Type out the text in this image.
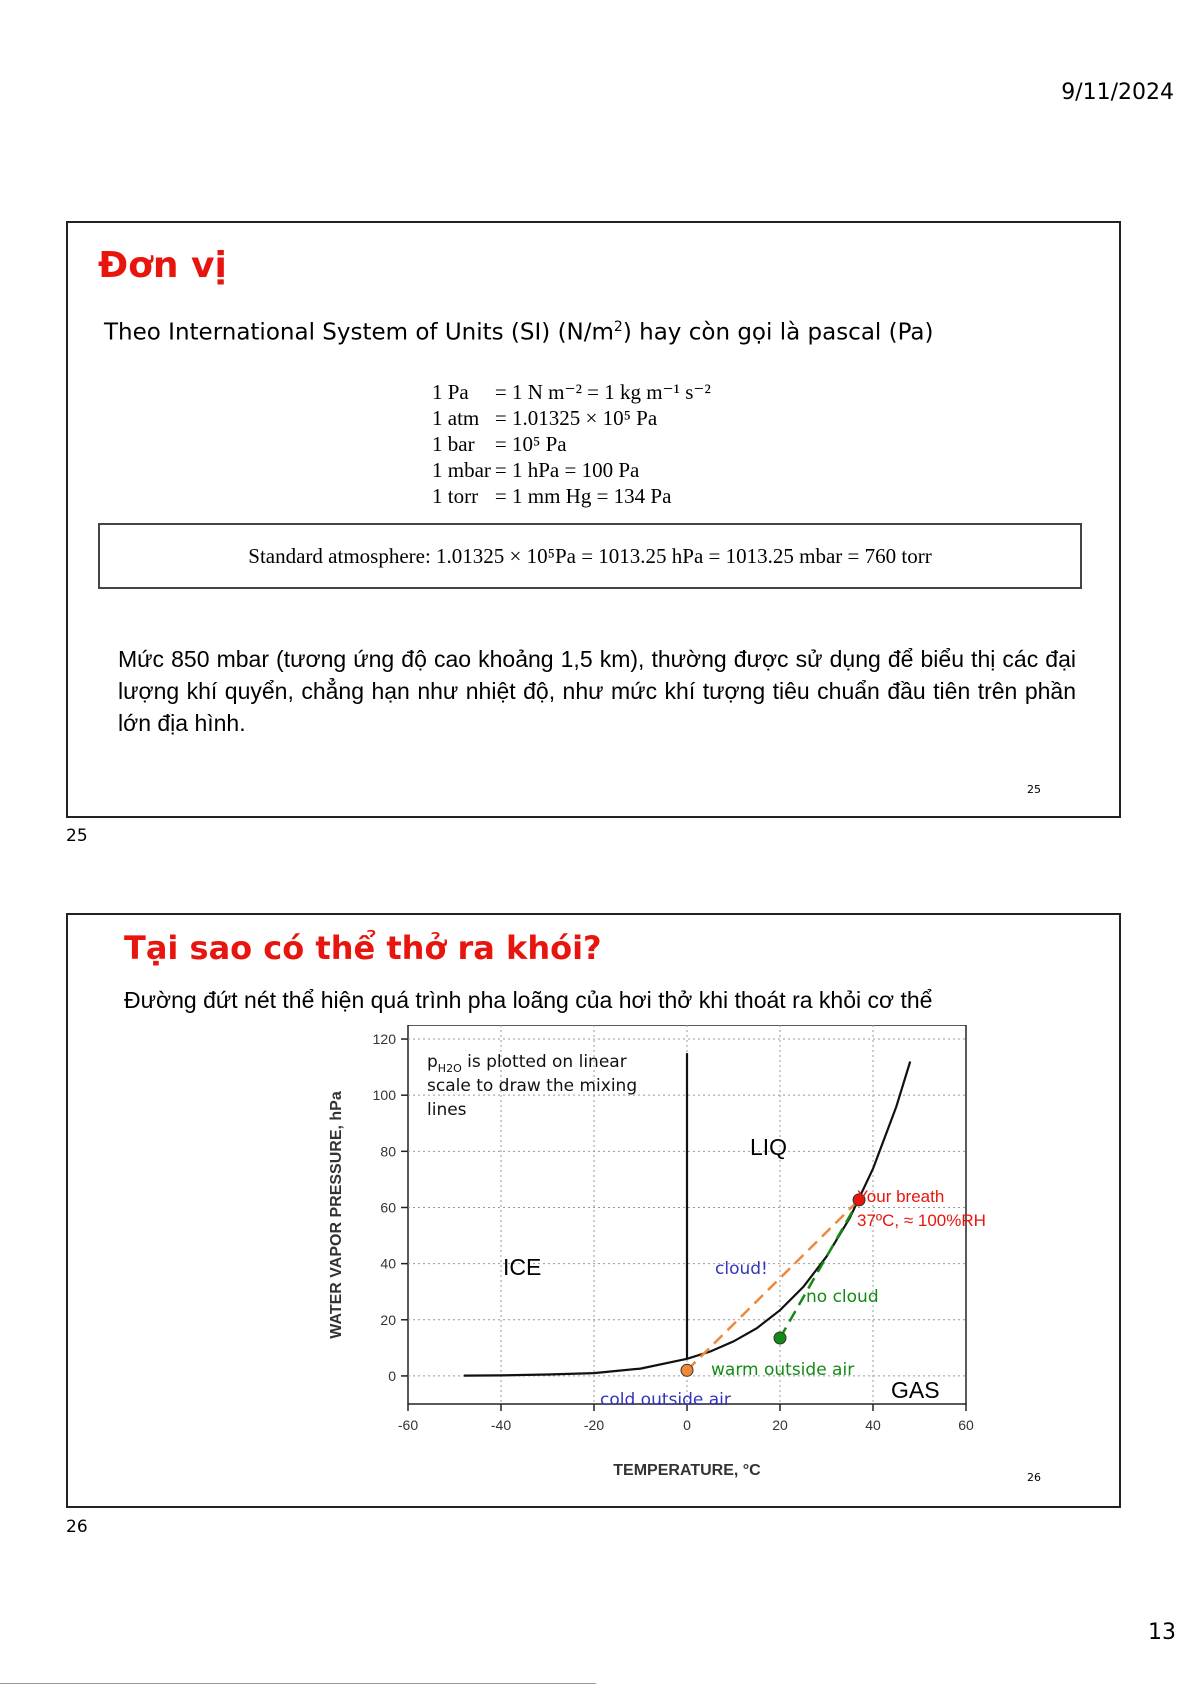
9/11/2024
Đơn vị
Theo International System of Units (SI) $(N/m^2)$ hay còn gọi là pascal (Pa)
1 Pa	= 1 N m⁻² = 1 kg m⁻¹ s⁻²
1 atm	= 1.01325 × 10⁵ Pa
1 bar	= 10⁵ Pa
1 mbar	= 1 hPa = 100 Pa
1 torr	= 1 mm Hg = 134 Pa
Standard atmosphere: 1.01325 × 10⁵Pa = 1013.25 hPa = 1013.25 mbar = 760 torr
Mức 850 mbar (tương ứng độ cao khoảng 1,5 km), thường được sử dụng để biểu thị các đại lượng khí quyển, chẳng hạn như nhiệt độ, như mức khí tượng tiêu chuẩn đầu tiên trên phần lớn địa hình.
25
25
Tại sao có thể thở ra khói?
Đường đứt nét thể hiện quá trình pha loãng của hơi thở khi thoát ra khỏi cơ thể
-60	-40	-20	0	20	40	60
0
20
40
60
80
100
120
WATER VAPOR PRESSURE, hPa
TEMPERATURE, °C
$p_{H2O}$ is plotted on linear
scale to draw the mixing
lines
LIQ
ICE
GAS
Your breath
37ºC, ≈ 100%RH
cloud!
no cloud
warm outside air
cold outside air
26
26
13
